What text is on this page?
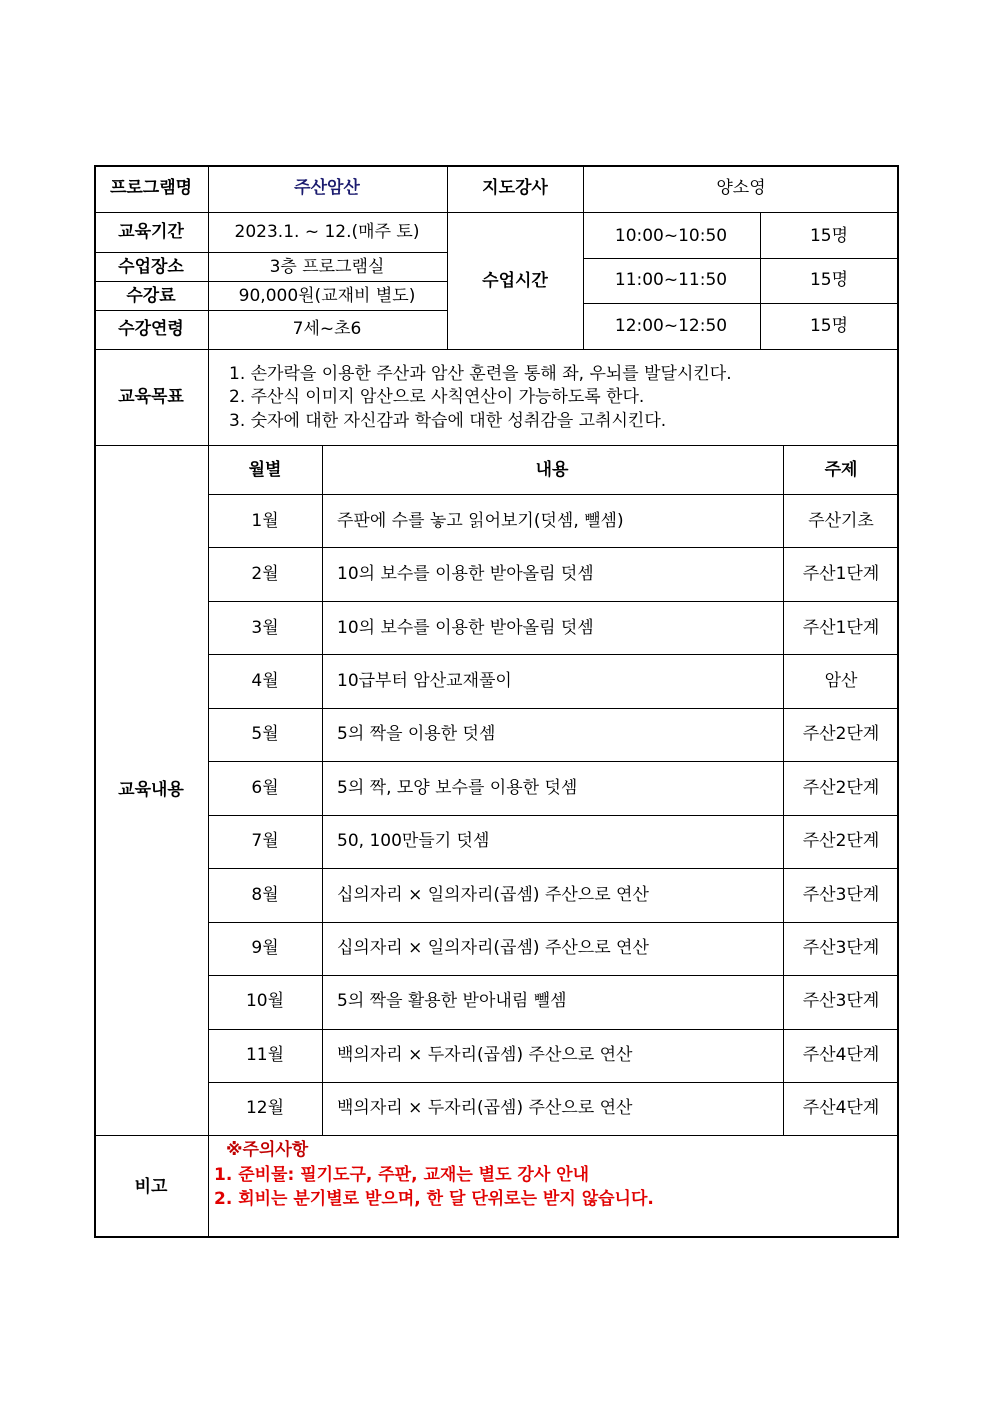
프로그램명	주산암산	지도강사	양소영
교육기간	2023.1. ~ 12.(매주 토)
수업장소	3층 프로그램실
수강료	90,000원(교재비 별도)
수강연령	7세~초6
수업시간
10:00~10:50	15명
11:00~11:50	15명
12:00~12:50	15명
교육목표
1. 손가락을 이용한 주산과 암산 훈련을 통해 좌, 우뇌를 발달시킨다.
2. 주산식 이미지 암산으로 사칙연산이 가능하도록 한다.
3. 숫자에 대한 자신감과 학습에 대한 성취감을 고취시킨다.
교육내용
월별	내용	주제
1월	주판에 수를 놓고 읽어보기(덧셈, 뺄셈)	주산기초
2월	10의 보수를 이용한 받아올림 덧셈	주산1단계
3월	10의 보수를 이용한 받아올림 덧셈	주산1단계
4월	10급부터 암산교재풀이	암산
5월	5의 짝을 이용한 덧셈	주산2단계
6월	5의 짝, 모양 보수를 이용한 덧셈	주산2단계
7월	50, 100만들기 덧셈	주산2단계
8월	십의자리 × 일의자리(곱셈) 주산으로 연산	주산3단계
9월	십의자리 × 일의자리(곱셈) 주산으로 연산	주산3단계
10월	5의 짝을 활용한 받아내림 뺄셈	주산3단계
11월	백의자리 × 두자리(곱셈) 주산으로 연산	주산4단계
12월	백의자리 × 두자리(곱셈) 주산으로 연산	주산4단계
비고
※주의사항
1. 준비물: 필기도구, 주판, 교재는 별도 강사 안내
2. 회비는 분기별로 받으며, 한 달 단위로는 받지 않습니다.
